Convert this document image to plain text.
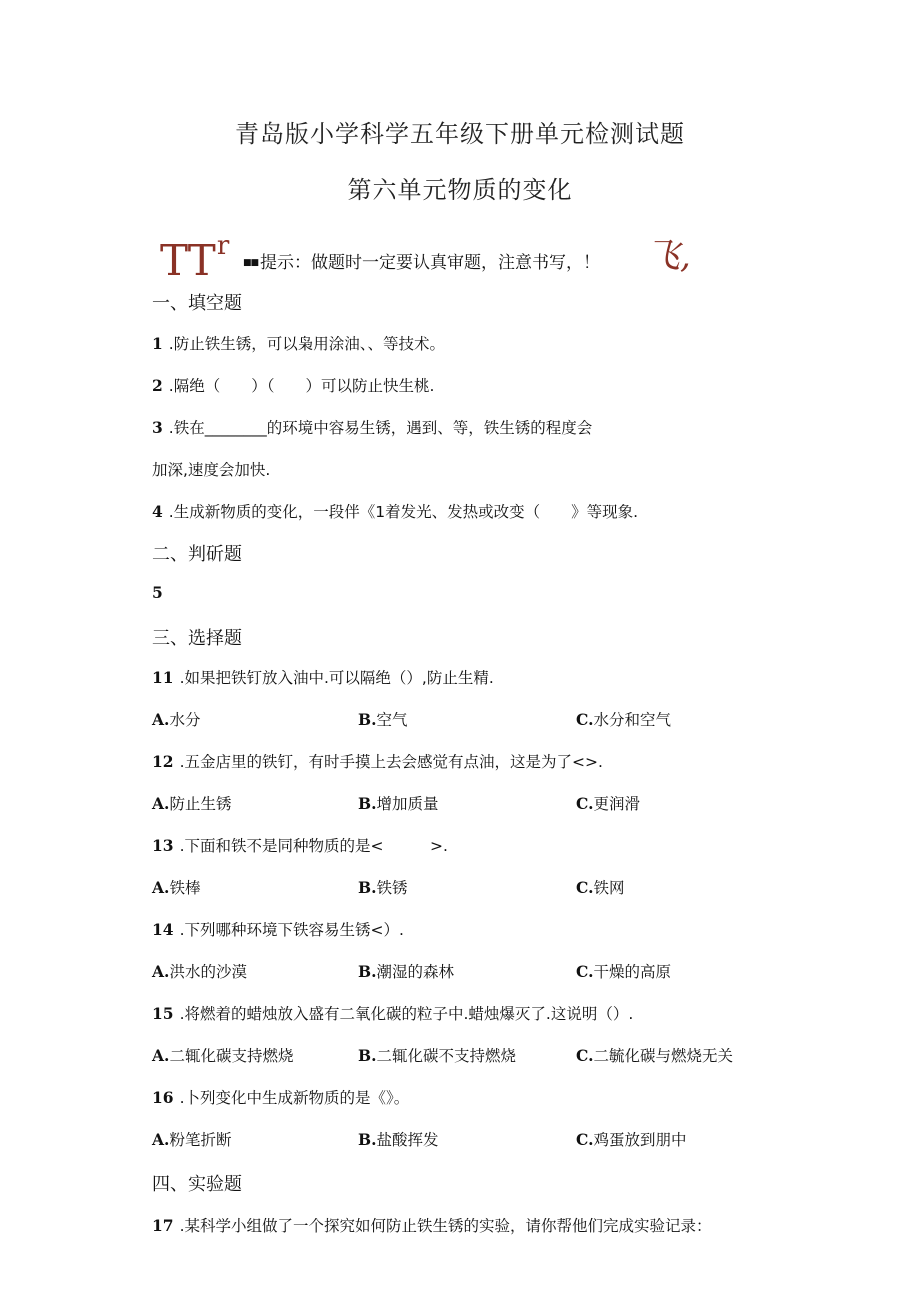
青岛版小学科学五年级下册单元检测试题
第六单元物质的变化
$TT^r$
■■ 提示：做题时一定要认真审题，注意书写，！ 飞,
一、填空题
1 .防止铁生锈，可以枭用涂油、、等技术。
2 .隔绝（　　）（　　）可以防止快生桃.
3 .铁在________的环境中容易生锈，遇到、等，铁生锈的程度会
加深,速度会加快.
4 .生成新物质的变化，一段伴《1着发光、发热或改变（　　》等现象.
二、判斫题
5
三、选择题
11 .如果把铁钉放入油中.可以隔绝（）,防止生精.
A.水分	B.空气	C.水分和空气
12 .五金店里的铁钉，有时手摸上去会感觉有点油，这是为了<>.
A.防止生锈	B.增加质量	C.更润滑
13 .下面和铁不是同种物质的是<　　　>.
A.铁棒	B.铁锈	C.铁网
14 .下列哪种环境下铁容易生锈<）.
A.洪水的沙漠	B.潮湿的森林	C.干燥的高原
15 .将燃着的蜡烛放入盛有二氧化碳的粒子中.蜡烛爆灭了.这说明（）.
A.二辄化碳支持燃烧	B.二辄化碳不支持燃烧	C.二毓化碳与燃烧无关
16 .卜列变化中生成新物质的是《》。
A.粉笔折断	B.盐酸挥发	C.鸡蛋放到朋中
四、实验题
17 .某科学小组做了一个探究如何防止铁生锈的实验，请你帮他们完成实验记录：
